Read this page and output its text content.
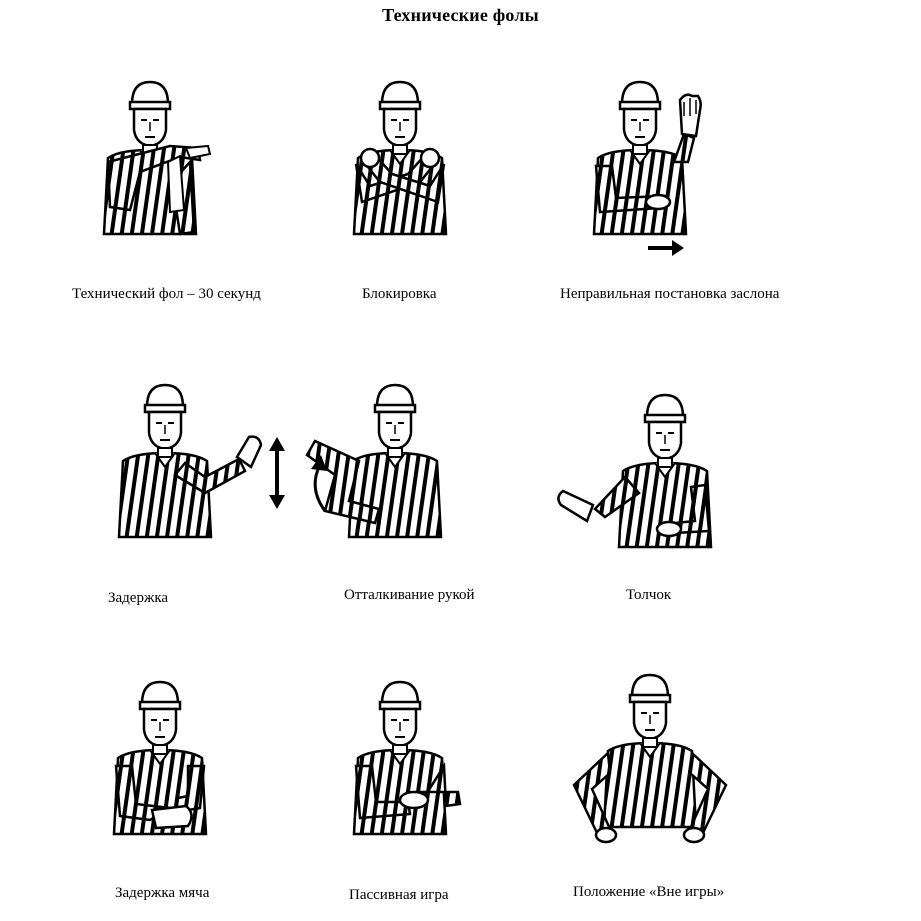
Технические фолы
Технический фол – 30 секунд	Блокировка	Неправильная постановка заслона
Задержка	Отталкивание рукой	Толчок
Задержка мяча	Пассивная игра	Положение «Вне игры»
